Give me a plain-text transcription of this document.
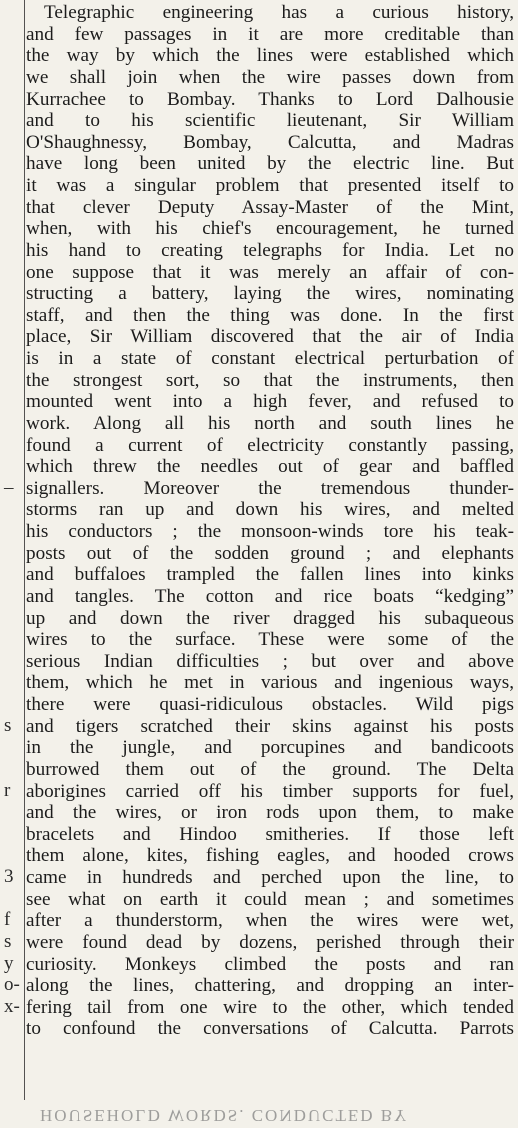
–
s
r
3
f
s
y
o-
x-
Telegraphic engineering has a curious history,
and few passages in it are more creditable than
the way by which the lines were established which
we shall join when the wire passes down from
Kurrachee to Bombay. Thanks to Lord Dalhousie
and to his scientific lieutenant, Sir William
O'Shaughnessy, Bombay, Calcutta, and Madras
have long been united by the electric line. But
it was a singular problem that presented itself to
that clever Deputy Assay-Master of the Mint,
when, with his chief's encouragement, he turned
his hand to creating telegraphs for India. Let no
one suppose that it was merely an affair of con-
structing a battery, laying the wires, nominating
staff, and then the thing was done. In the first
place, Sir William discovered that the air of India
is in a state of constant electrical perturbation of
the strongest sort, so that the instruments, then
mounted went into a high fever, and refused to
work. Along all his north and south lines he
found a current of electricity constantly passing,
which threw the needles out of gear and baffled
signallers. Moreover the tremendous thunder-
storms ran up and down his wires, and melted
his conductors ; the monsoon-winds tore his teak-
posts out of the sodden ground ; and elephants
and buffaloes trampled the fallen lines into kinks
and tangles. The cotton and rice boats “kedging”
up and down the river dragged his subaqueous
wires to the surface. These were some of the
serious Indian difficulties ; but over and above
them, which he met in various and ingenious ways,
there were quasi-ridiculous obstacles. Wild pigs
and tigers scratched their skins against his posts
in the jungle, and porcupines and bandicoots
burrowed them out of the ground. The Delta
aborigines carried off his timber supports for fuel,
and the wires, or iron rods upon them, to make
bracelets and Hindoo smitheries. If those left
them alone, kites, fishing eagles, and hooded crows
came in hundreds and perched upon the line, to
see what on earth it could mean ; and sometimes
after a thunderstorm, when the wires were wet,
were found dead by dozens, perished through their
curiosity. Monkeys climbed the posts and ran
along the lines, chattering, and dropping an inter-
fering tail from one wire to the other, which tended
to confound the conversations of Calcutta. Parrots
HOUSEHOLD WORDS. CONDUCTED BY
